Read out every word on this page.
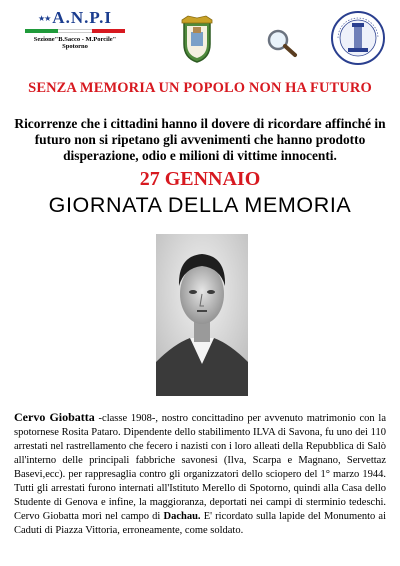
★★ A.N.P.I
Sezione"B.Sacco - M.Porcile"
Spotorno
SENZA MEMORIA UN POPOLO NON HA FUTURO
Ricorrenze che i cittadini hanno il dovere di ricordare affinché in futuro non si ripetano gli avvenimenti che hanno prodotto disperazione, odio e milioni di vittime innocenti.
27 GENNAIO
GIORNATA DELLA MEMORIA
Cervo Giobatta -classe 1908-, nostro concittadino per avvenuto matrimonio con la spotornese Rosita Pataro. Dipendente dello stabilimento ILVA di Savona, fu uno dei 110 arrestati nel rastrellamento che fecero i nazisti con i loro alleati della Repubblica di Salò all'interno delle principali fabbriche savonesi (Ilva, Scarpa e Magnano, Servettaz Basevi,ecc). per rappresaglia contro gli organizzatori dello sciopero del 1° marzo 1944. Tutti gli arrestati furono internati all'Istituto Merello di Spotorno, quindi alla Casa dello Studente di Genova e infine, la maggioranza, deportati nei campi di sterminio tedeschi. Cervo Giobatta morì nel campo di Dachau. E' ricordato sulla lapide del Monumento ai Caduti di Piazza Vittoria, erroneamente, come soldato.
